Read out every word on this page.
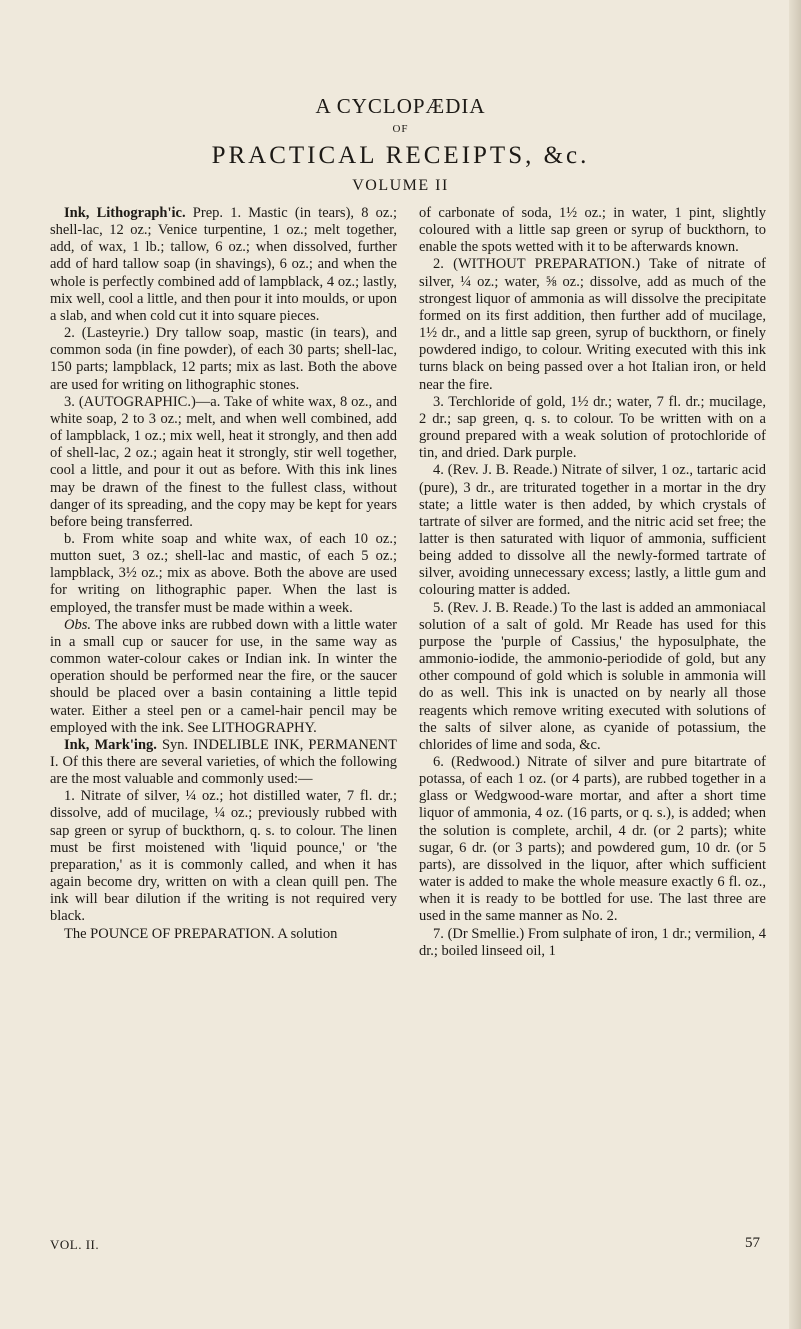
A CYCLOPÆDIA
OF
PRACTICAL RECEIPTS, &c.
VOLUME II

Ink, Lithograph'ic. Prep. 1. Mastic (in tears), 8 oz.; shell-lac, 12 oz.; Venice turpentine, 1 oz.; melt together, add, of wax, 1 lb.; tallow, 6 oz.; when dissolved, further add of hard tallow soap (in shavings), 6 oz.; and when the whole is perfectly combined add of lampblack, 4 oz.; lastly, mix well, cool a little, and then pour it into moulds, or upon a slab, and when cold cut it into square pieces.

2. (Lasteyrie.) Dry tallow soap, mastic (in tears), and common soda (in fine powder), of each 30 parts; shell-lac, 150 parts; lampblack, 12 parts; mix as last. Both the above are used for writing on lithographic stones.

3. (AUTOGRAPHIC.)—a. Take of white wax, 8 oz., and white soap, 2 to 3 oz.; melt, and when well combined, add of lampblack, 1 oz.; mix well, heat it strongly, and then add of shell-lac, 2 oz.; again heat it strongly, stir well together, cool a little, and pour it out as before. With this ink lines may be drawn of the finest to the fullest class, without danger of its spreading, and the copy may be kept for years before being transferred.

b. From white soap and white wax, of each 10 oz.; mutton suet, 3 oz.; shell-lac and mastic, of each 5 oz.; lampblack, 3½ oz.; mix as above. Both the above are used for writing on lithographic paper. When the last is employed, the transfer must be made within a week.

Obs. The above inks are rubbed down with a little water in a small cup or saucer for use, in the same way as common water-colour cakes or Indian ink. In winter the operation should be performed near the fire, or the saucer should be placed over a basin containing a little tepid water. Either a steel pen or a camel-hair pencil may be employed with the ink. See LITHOGRAPHY.

Ink, Mark'ing. Syn. INDELIBLE INK, PERMANENT I. Of this there are several varieties, of which the following are the most valuable and commonly used:—

1. Nitrate of silver, ¼ oz.; hot distilled water, 7 fl. dr.; dissolve, add of mucilage, ¼ oz.; previously rubbed with sap green or syrup of buckthorn, q. s. to colour. The linen must be first moistened with 'liquid pounce,' or 'the preparation,' as it is commonly called, and when it has again become dry, written on with a clean quill pen. The ink will bear dilution if the writing is not required very black.

The POUNCE OF PREPARATION. A solution

of carbonate of soda, 1½ oz.; in water, 1 pint, slightly coloured with a little sap green or syrup of buckthorn, to enable the spots wetted with it to be afterwards known.

2. (WITHOUT PREPARATION.) Take of nitrate of silver, ¼ oz.; water, ⅝ oz.; dissolve, add as much of the strongest liquor of ammonia as will dissolve the precipitate formed on its first addition, then further add of mucilage, 1½ dr., and a little sap green, syrup of buckthorn, or finely powdered indigo, to colour. Writing executed with this ink turns black on being passed over a hot Italian iron, or held near the fire.

3. Terchloride of gold, 1½ dr.; water, 7 fl. dr.; mucilage, 2 dr.; sap green, q. s. to colour. To be written with on a ground prepared with a weak solution of protochloride of tin, and dried. Dark purple.

4. (Rev. J. B. Reade.) Nitrate of silver, 1 oz., tartaric acid (pure), 3 dr., are triturated together in a mortar in the dry state; a little water is then added, by which crystals of tartrate of silver are formed, and the nitric acid set free; the latter is then saturated with liquor of ammonia, sufficient being added to dissolve all the newly-formed tartrate of silver, avoiding unnecessary excess; lastly, a little gum and colouring matter is added.

5. (Rev. J. B. Reade.) To the last is added an ammoniacal solution of a salt of gold. Mr Reade has used for this purpose the 'purple of Cassius,' the hyposulphate, the ammonio-iodide, the ammonio-periodide of gold, but any other compound of gold which is soluble in ammonia will do as well. This ink is unacted on by nearly all those reagents which remove writing executed with solutions of the salts of silver alone, as cyanide of potassium, the chlorides of lime and soda, &c.

6. (Redwood.) Nitrate of silver and pure bitartrate of potassa, of each 1 oz. (or 4 parts), are rubbed together in a glass or Wedgwood-ware mortar, and after a short time liquor of ammonia, 4 oz. (16 parts, or q. s.), is added; when the solution is complete, archil, 4 dr. (or 2 parts); white sugar, 6 dr. (or 3 parts); and powdered gum, 10 dr. (or 5 parts), are dissolved in the liquor, after which sufficient water is added to make the whole measure exactly 6 fl. oz., when it is ready to be bottled for use. The last three are used in the same manner as No. 2.

7. (Dr Smellie.) From sulphate of iron, 1 dr.; vermilion, 4 dr.; boiled linseed oil, 1

VOL. II.	57
